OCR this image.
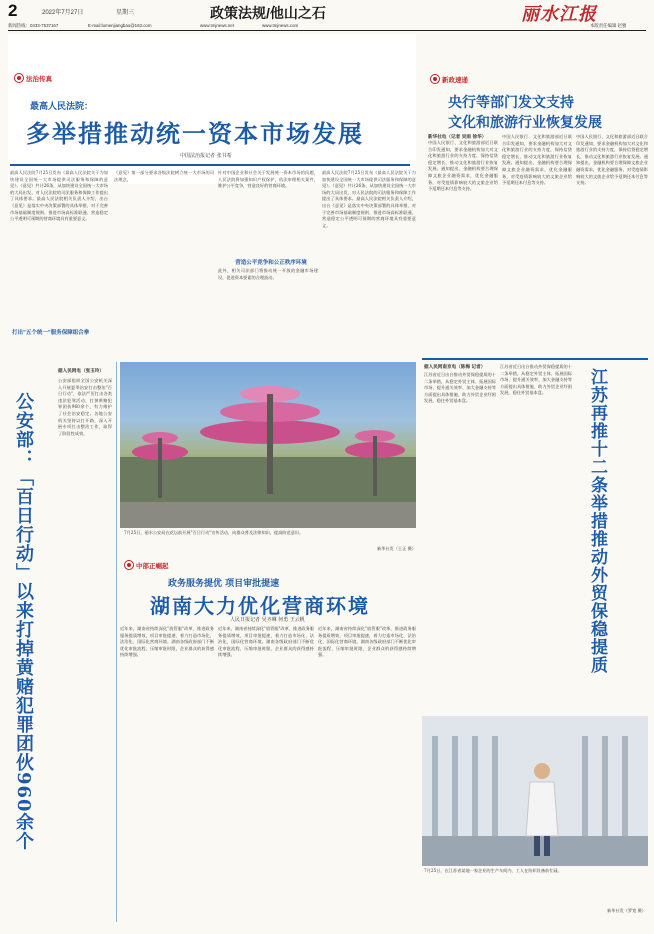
2	2022年7月27日	星期三	政策法规/他山之石	丽水江报
新闻热线：0433-7537167	E-mail:lumenjiangbao@163.com	www.tmjnews.net	www.tmjnews.com	本版责任编辑 赵雅
法治传真
最高人民法院：
多举措推动统一资本市场发展
中国法治报记者 张书希
最高人民法院7月25日发布《最高人民法院关于为加快建设全国统一大市场提供司法服务和保障的意见》。《意见》共计26条，从加快建设全国统一大市场的大局出发，对人民法院的司法服务和保障工作提出了具体要求。最高人民法院相关负责人介绍，出台《意见》是落实中央决策部署的具体举措，对于完善市场基础制度规则、推进市场高标准联通、营造稳定公平透明可预期的营商环境具有重要意义。
打出"五个统一"服务保障组合拳
《意见》第一部分要求各级法院树立统一大市场的司法理念。
针对中国企业和社会关于发展统一资本市场的问题，人民法院将加强知识产权保护，依法审理相关案件，维护公平竞争，营造良好的营商环境。
营造公平竞争和公正秩序环境
此外，相关司法部门将推动统一开放的金融市场建设，促进资本要素的合理流动。
最高人民法院7月25日发布《最高人民法院关于为加快建设全国统一大市场提供司法服务和保障的意见》。《意见》共计26条，从加快建设全国统一大市场的大局出发，对人民法院的司法服务和保障工作提出了具体要求。最高人民法院相关负责人介绍，出台《意见》是落实中央决策部署的具体举措，对于完善市场基础制度规则、推进市场高标准联通、营造稳定公平透明可预期的营商环境具有重要意义。
公安部：「百日行动」以来打掉黄赌犯罪团伙960余个
据人民网电（张玉玲）
公安部组织全国公安机关深入开展夏季治安打击整治"百日行动"，依法严厉打击各类违法犯罪活动，打掉黄赌犯罪团伙960余个，有力维护了社会治安稳定。各地公安机关坚持以打开路，深入开展专项打击整治工作，取得了阶段性成效。
7月25日，丽水公安局在花坛前开展"百日行动"宣传活动，向群众普及法律知识，提高防范意识。
新华社发（王正 摄）
中部正崛起
政务服务提优 项目审批提速
湖南大力优化营商环境
人民日报记者 吴齐琳 何勇 王云帆
近年来，湖南省持续深化"放管服"改革，推进政务服务提质增效，项目审批提速，着力打造市场化、法治化、国际化营商环境。湖南各级政府部门不断优化审批流程，压缩审批时限，企业群众的获得感持续增强。
近年来，湖南省持续深化"放管服"改革，推进政务服务提质增效，项目审批提速，着力打造市场化、法治化、国际化营商环境。湖南各级政府部门不断优化审批流程，压缩审批时限，企业群众的获得感持续增强。
近年来，湖南省持续深化"放管服"改革，推进政务服务提质增效，项目审批提速，着力打造市场化、法治化、国际化营商环境。湖南各级政府部门不断优化审批流程，压缩审批时限，企业群众的获得感持续增强。
新政速递
央行等部门发文支持
文化和旅游行业恢复发展
新华社电（记者 吴雨 徐华）
中国人民银行、文化和旅游部近日联合印发通知，要求金融机构加大对文化和旅游行业的支持力度，保持信贷稳定增长，推动文化和旅游行业恢复发展。通知提出，金融机构要合理保障文旅企业融资需求，优化金融服务，对受疫情影响较大的文旅企业给予延期还本付息等支持。
中国人民银行、文化和旅游部近日联合印发通知，要求金融机构加大对文化和旅游行业的支持力度，保持信贷稳定增长，推动文化和旅游行业恢复发展。通知提出，金融机构要合理保障文旅企业融资需求，优化金融服务，对受疫情影响较大的文旅企业给予延期还本付息等支持。
中国人民银行、文化和旅游部近日联合印发通知，要求金融机构加大对文化和旅游行业的支持力度，保持信贷稳定增长，推动文化和旅游行业恢复发展。通知提出，金融机构要合理保障文旅企业融资需求，优化金融服务，对受疫情影响较大的文旅企业给予延期还本付息等支持。
据人民网南京电（陈梅 记者）
江苏省近日出台推动外贸保稳提质的十二条举措，从稳定外贸主体、拓展国际市场、提升通关效率、加大金融支持等方面提出具体措施，助力外贸企业纾困发展，稳住外贸基本盘。
江苏省近日出台推动外贸保稳提质的十二条举措，从稳定外贸主体、拓展国际市场、提升通关效率、加大金融支持等方面提出具体措施，助力外贸企业纾困发展，稳住外贸基本盘。	江苏再推十二条举措推动外贸保稳提质
7月25日，在江苏省某地一家企业的生产车间内，工人在纺织设备前忙碌。
新华社发（罗宽 摄）
